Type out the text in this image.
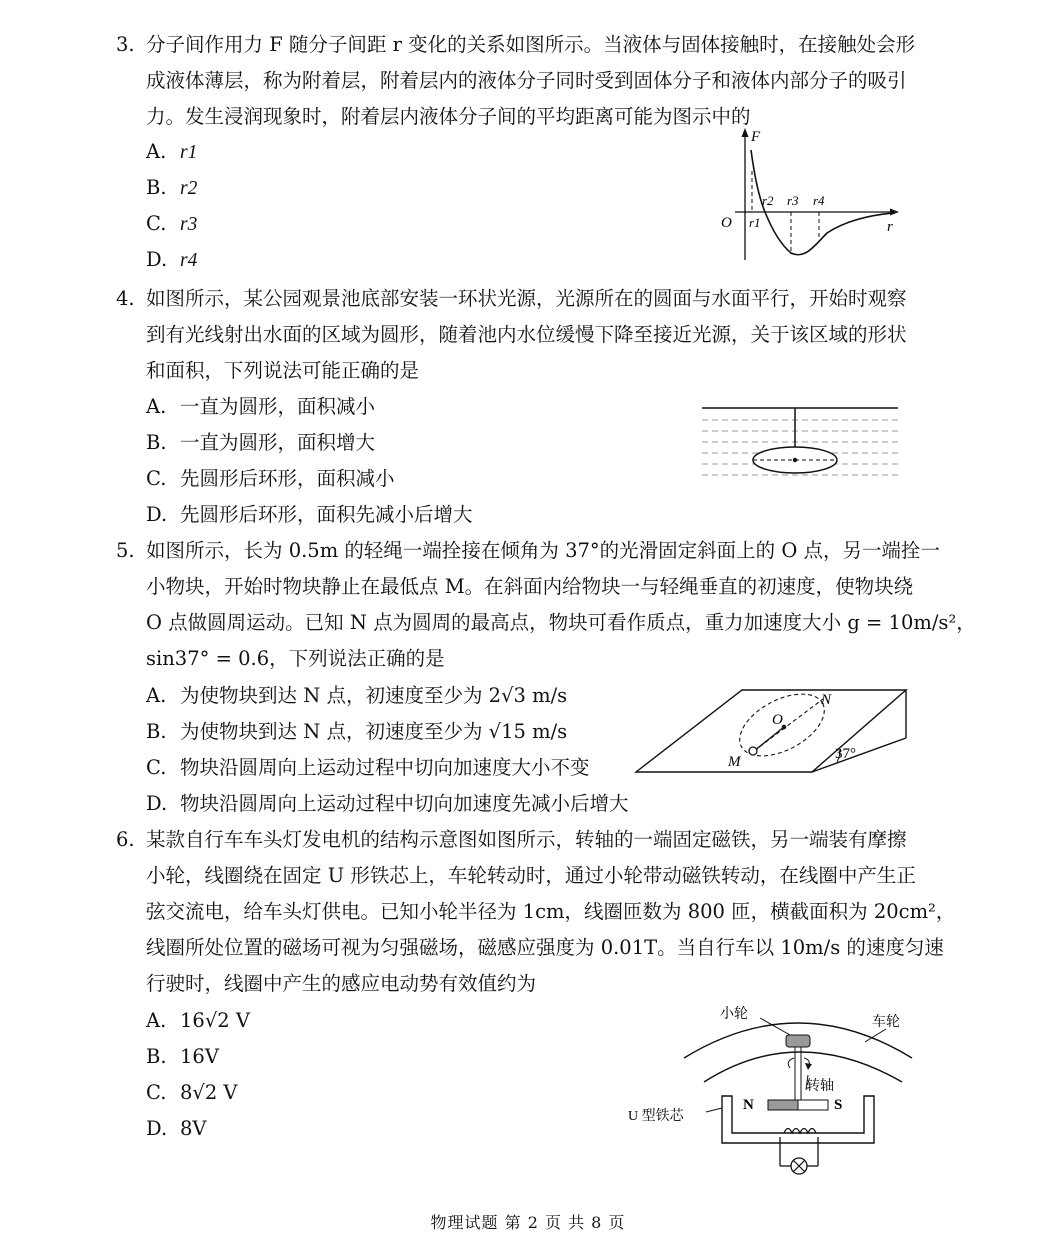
3. 分子间作用力 F 随分子间距 r 变化的关系如图所示。当液体与固体接触时，在接触处会形
成液体薄层，称为附着层，附着层内的液体分子同时受到固体分子和液体内部分子的吸引
力。发生浸润现象时，附着层内液体分子间的平均距离可能为图示中的
A. r1
B. r2
C. r3
D. r4
F
r
O r1
r2 r3 r4
4. 如图所示，某公园观景池底部安装一环状光源，光源所在的圆面与水面平行，开始时观察
到有光线射出水面的区域为圆形，随着池内水位缓慢下降至接近光源，关于该区域的形状
和面积，下列说法可能正确的是
A. 一直为圆形，面积减小
B. 一直为圆形，面积增大
C. 先圆形后环形，面积减小
D. 先圆形后环形，面积先减小后增大
5. 如图所示，长为 0.5m 的轻绳一端拴接在倾角为 37°的光滑固定斜面上的 O 点，另一端拴一
小物块，开始时物块静止在最低点 M。在斜面内给物块一与轻绳垂直的初速度，使物块绕
O 点做圆周运动。已知 N 点为圆周的最高点，物块可看作质点，重力加速度大小 g = 10m/s²，
sin37° = 0.6，下列说法正确的是
A. 为使物块到达 N 点，初速度至少为 2√3 m/s
B. 为使物块到达 N 点，初速度至少为 √15 m/s
C. 物块沿圆周向上运动过程中切向加速度大小不变
D. 物块沿圆周向上运动过程中切向加速度先减小后增大
N
O
M	37°
6. 某款自行车车头灯发电机的结构示意图如图所示，转轴的一端固定磁铁，另一端装有摩擦
小轮，线圈绕在固定 U 形铁芯上，车轮转动时，通过小轮带动磁铁转动，在线圈中产生正
弦交流电，给车头灯供电。已知小轮半径为 1cm，线圈匝数为 800 匝，横截面积为 20cm²，
线圈所处位置的磁场可视为匀强磁场，磁感应强度为 0.01T。当自行车以 10m/s 的速度匀速
行驶时，线圈中产生的感应电动势有效值约为
A. 16√2 V
B. 16V
C. 8√2 V
D. 8V
小轮
车轮
转轴
N	S
U 型铁芯
物理试题 第 2 页 共 8 页
